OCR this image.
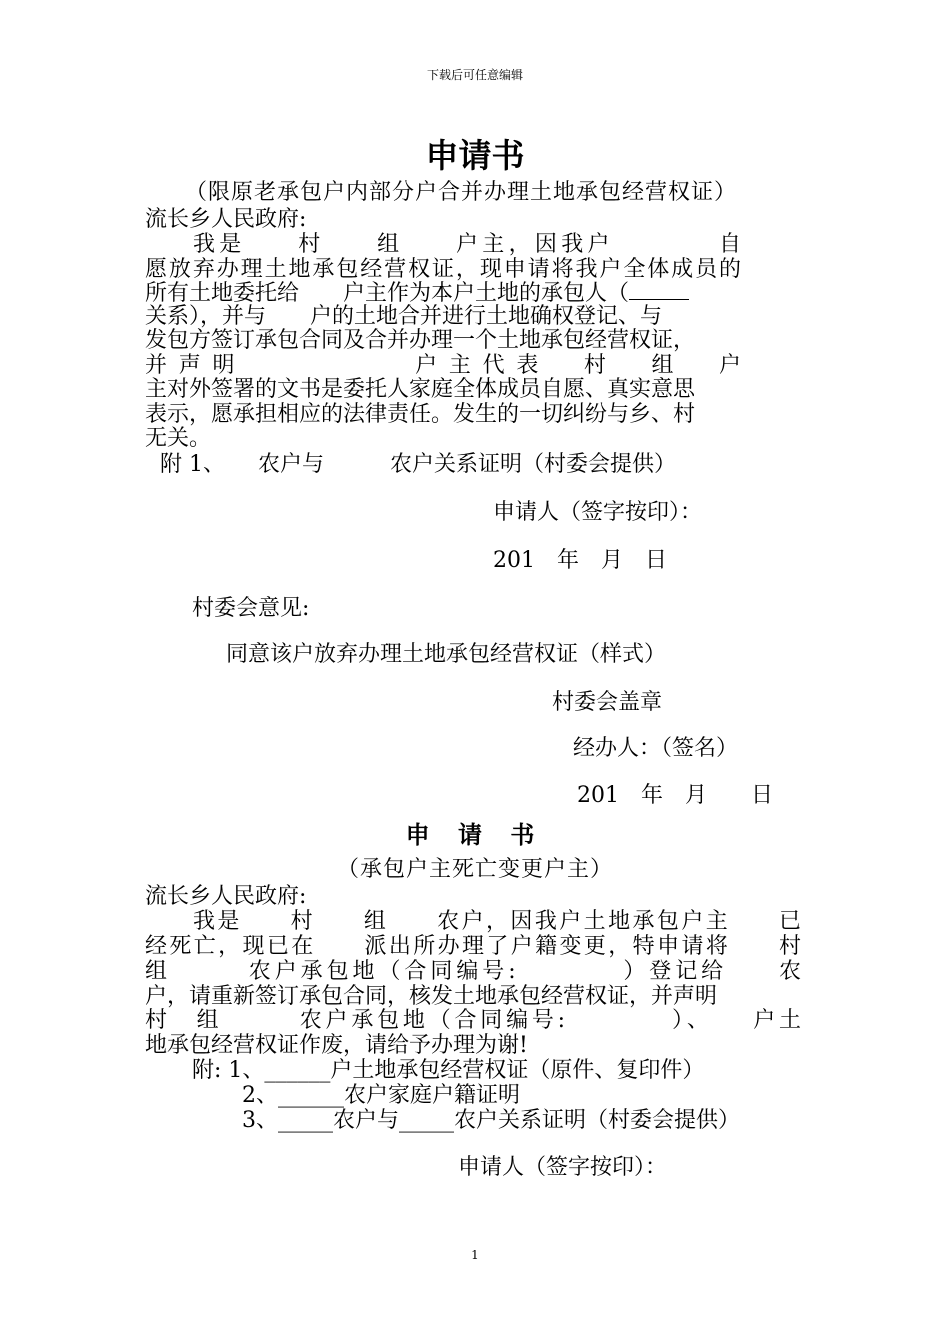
下载后可任意编辑
申请书
（限原老承包户内部分户合并办理土地承包经营权证）
流长乡人民政府:
我是　　村　　组　　户主，因我户　　　　自
愿放弃办理土地承包经营权证，现申请将我户全体成员的
所有土地委托给　　户主作为本户土地的承包人（
关系），并与　　户的土地合并进行土地确权登记、与
发包方签订承包合同及合并办理一个土地承包经营权证，
并声明　　　　　户主代表　村　组　户
主对外签署的文书是委托人家庭全体成员自愿、真实意思
表示，愿承担相应的法律责任。发生的一切纠纷与乡、村
无关。
附 1、　　农户与　　　农户关系证明（村委会提供）
申请人（签字按印）：
201　年　月　日
村委会意见:
同意该户放弃办理土地承包经营权证（样式）
村委会盖章
经办人：（签名）
201　年　月　　日
申 请 书
（承包户主死亡变更户主）
流长乡人民政府:
我是　　村　　组　　农户，因我户土地承包户主　　已
经死亡，现已在　　派出所办理了户籍变更，特申请将　　村
组　　　农户承包地（合同编号:　　　　）登记给　　农
户，请重新签订承包合同，核发土地承包经营权证，并声明
村　组　　　农户承包地（合同编号:　　　　）、　　户土
地承包经营权证作废，请给予办理为谢!
附: 1、______户土地承包经营权证（原件、复印件）
2、______农户家庭户籍证明
3、_____农户与_____农户关系证明（村委会提供）
申请人（签字按印）：
1
